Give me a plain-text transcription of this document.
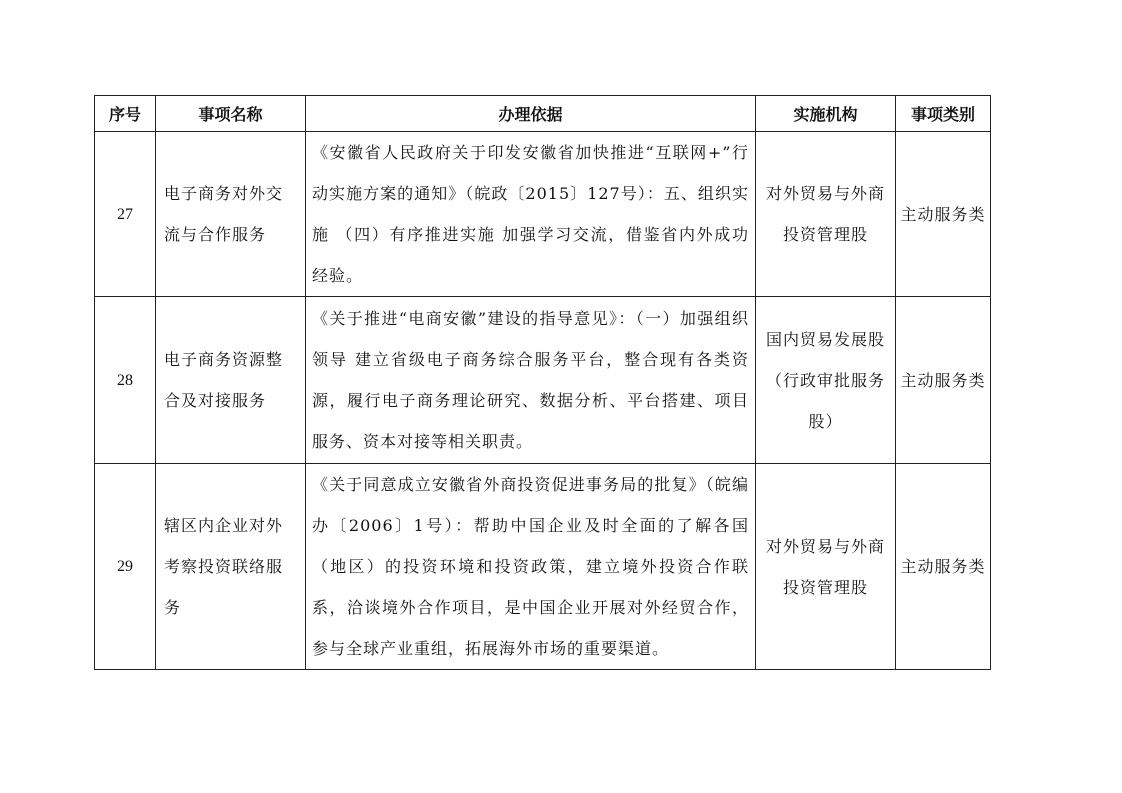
序号	事项名称	办理依据	实施机构	事项类别
27	电子商务对外交流与合作服务	《安徽省人民政府关于印发安徽省加快推进“互联网+”行动实施方案的通知》（皖政〔2015〕127号）：五、组织实施 （四）有序推进实施 加强学习交流，借鉴省内外成功经验。	对外贸易与外商投资管理股	主动服务类
28	电子商务资源整合及对接服务	《关于推进“电商安徽”建设的指导意见》：（一）加强组织领导 建立省级电子商务综合服务平台，整合现有各类资源，履行电子商务理论研究、数据分析、平台搭建、项目服务、资本对接等相关职责。	国内贸易发展股（行政审批服务股）	主动服务类
29	辖区内企业对外考察投资联络服务	《关于同意成立安徽省外商投资促进事务局的批复》（皖编办〔2006〕1号）：帮助中国企业及时全面的了解各国（地区）的投资环境和投资政策，建立境外投资合作联系，洽谈境外合作项目，是中国企业开展对外经贸合作，参与全球产业重组，拓展海外市场的重要渠道。	对外贸易与外商投资管理股	主动服务类
